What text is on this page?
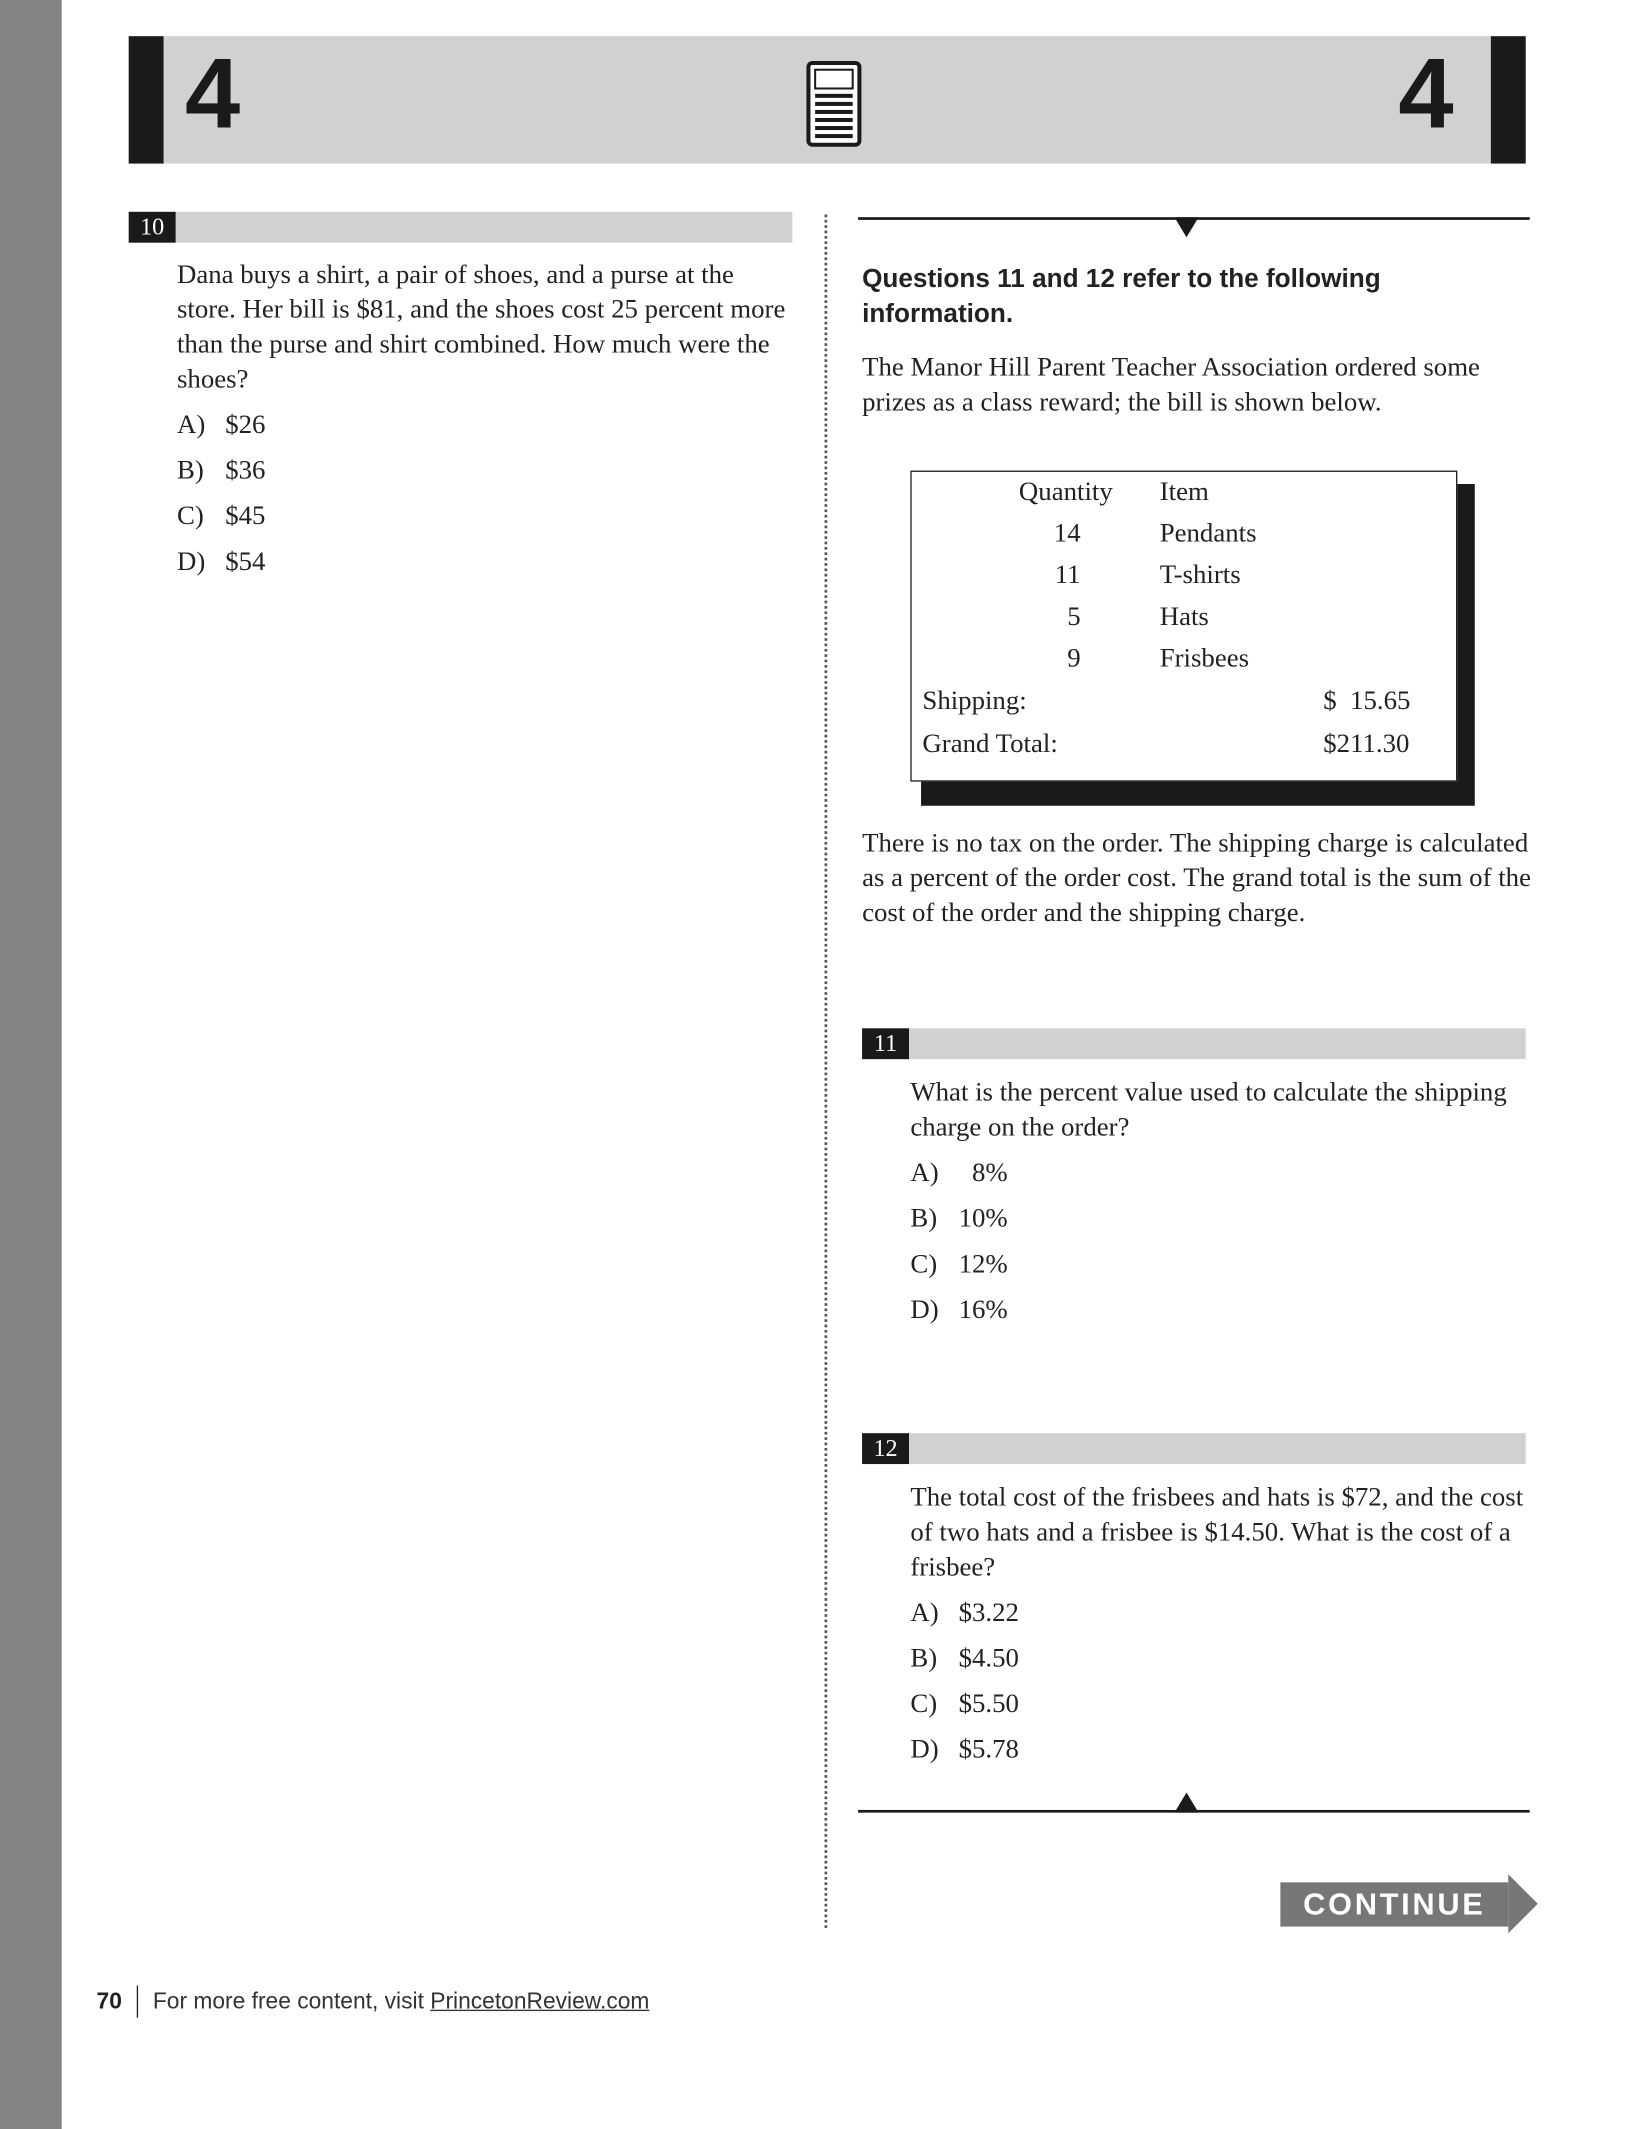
4	4
10
Dana buys a shirt, a pair of shoes, and a purse at the store. Her bill is $81, and the shoes cost 25 percent more than the purse and shirt combined. How much were the shoes?
A) $26
B) $36
C) $45
D) $54
Questions 11 and 12 refer to the following information.
The Manor Hill Parent Teacher Association ordered some prizes as a class reward; the bill is shown below.
Quantity Item
14	Pendants
11	T-shirts
5	Hats
9	Frisbees
Shipping:	$  15.65
Grand Total:	$211.30
There is no tax on the order. The shipping charge is calculated as a percent of the order cost. The grand total is the sum of the cost of the order and the shipping charge.
11
What is the percent value used to calculate the shipping charge on the order?
A)  8%
B) 10%
C) 12%
D) 16%
12
The total cost of the frisbees and hats is $72, and the cost of two hats and a frisbee is $14.50. What is the cost of a frisbee?
A) $3.22
B) $4.50
C) $5.50
D) $5.78
CONTINUE
70 For more free content, visit PrincetonReview.com
